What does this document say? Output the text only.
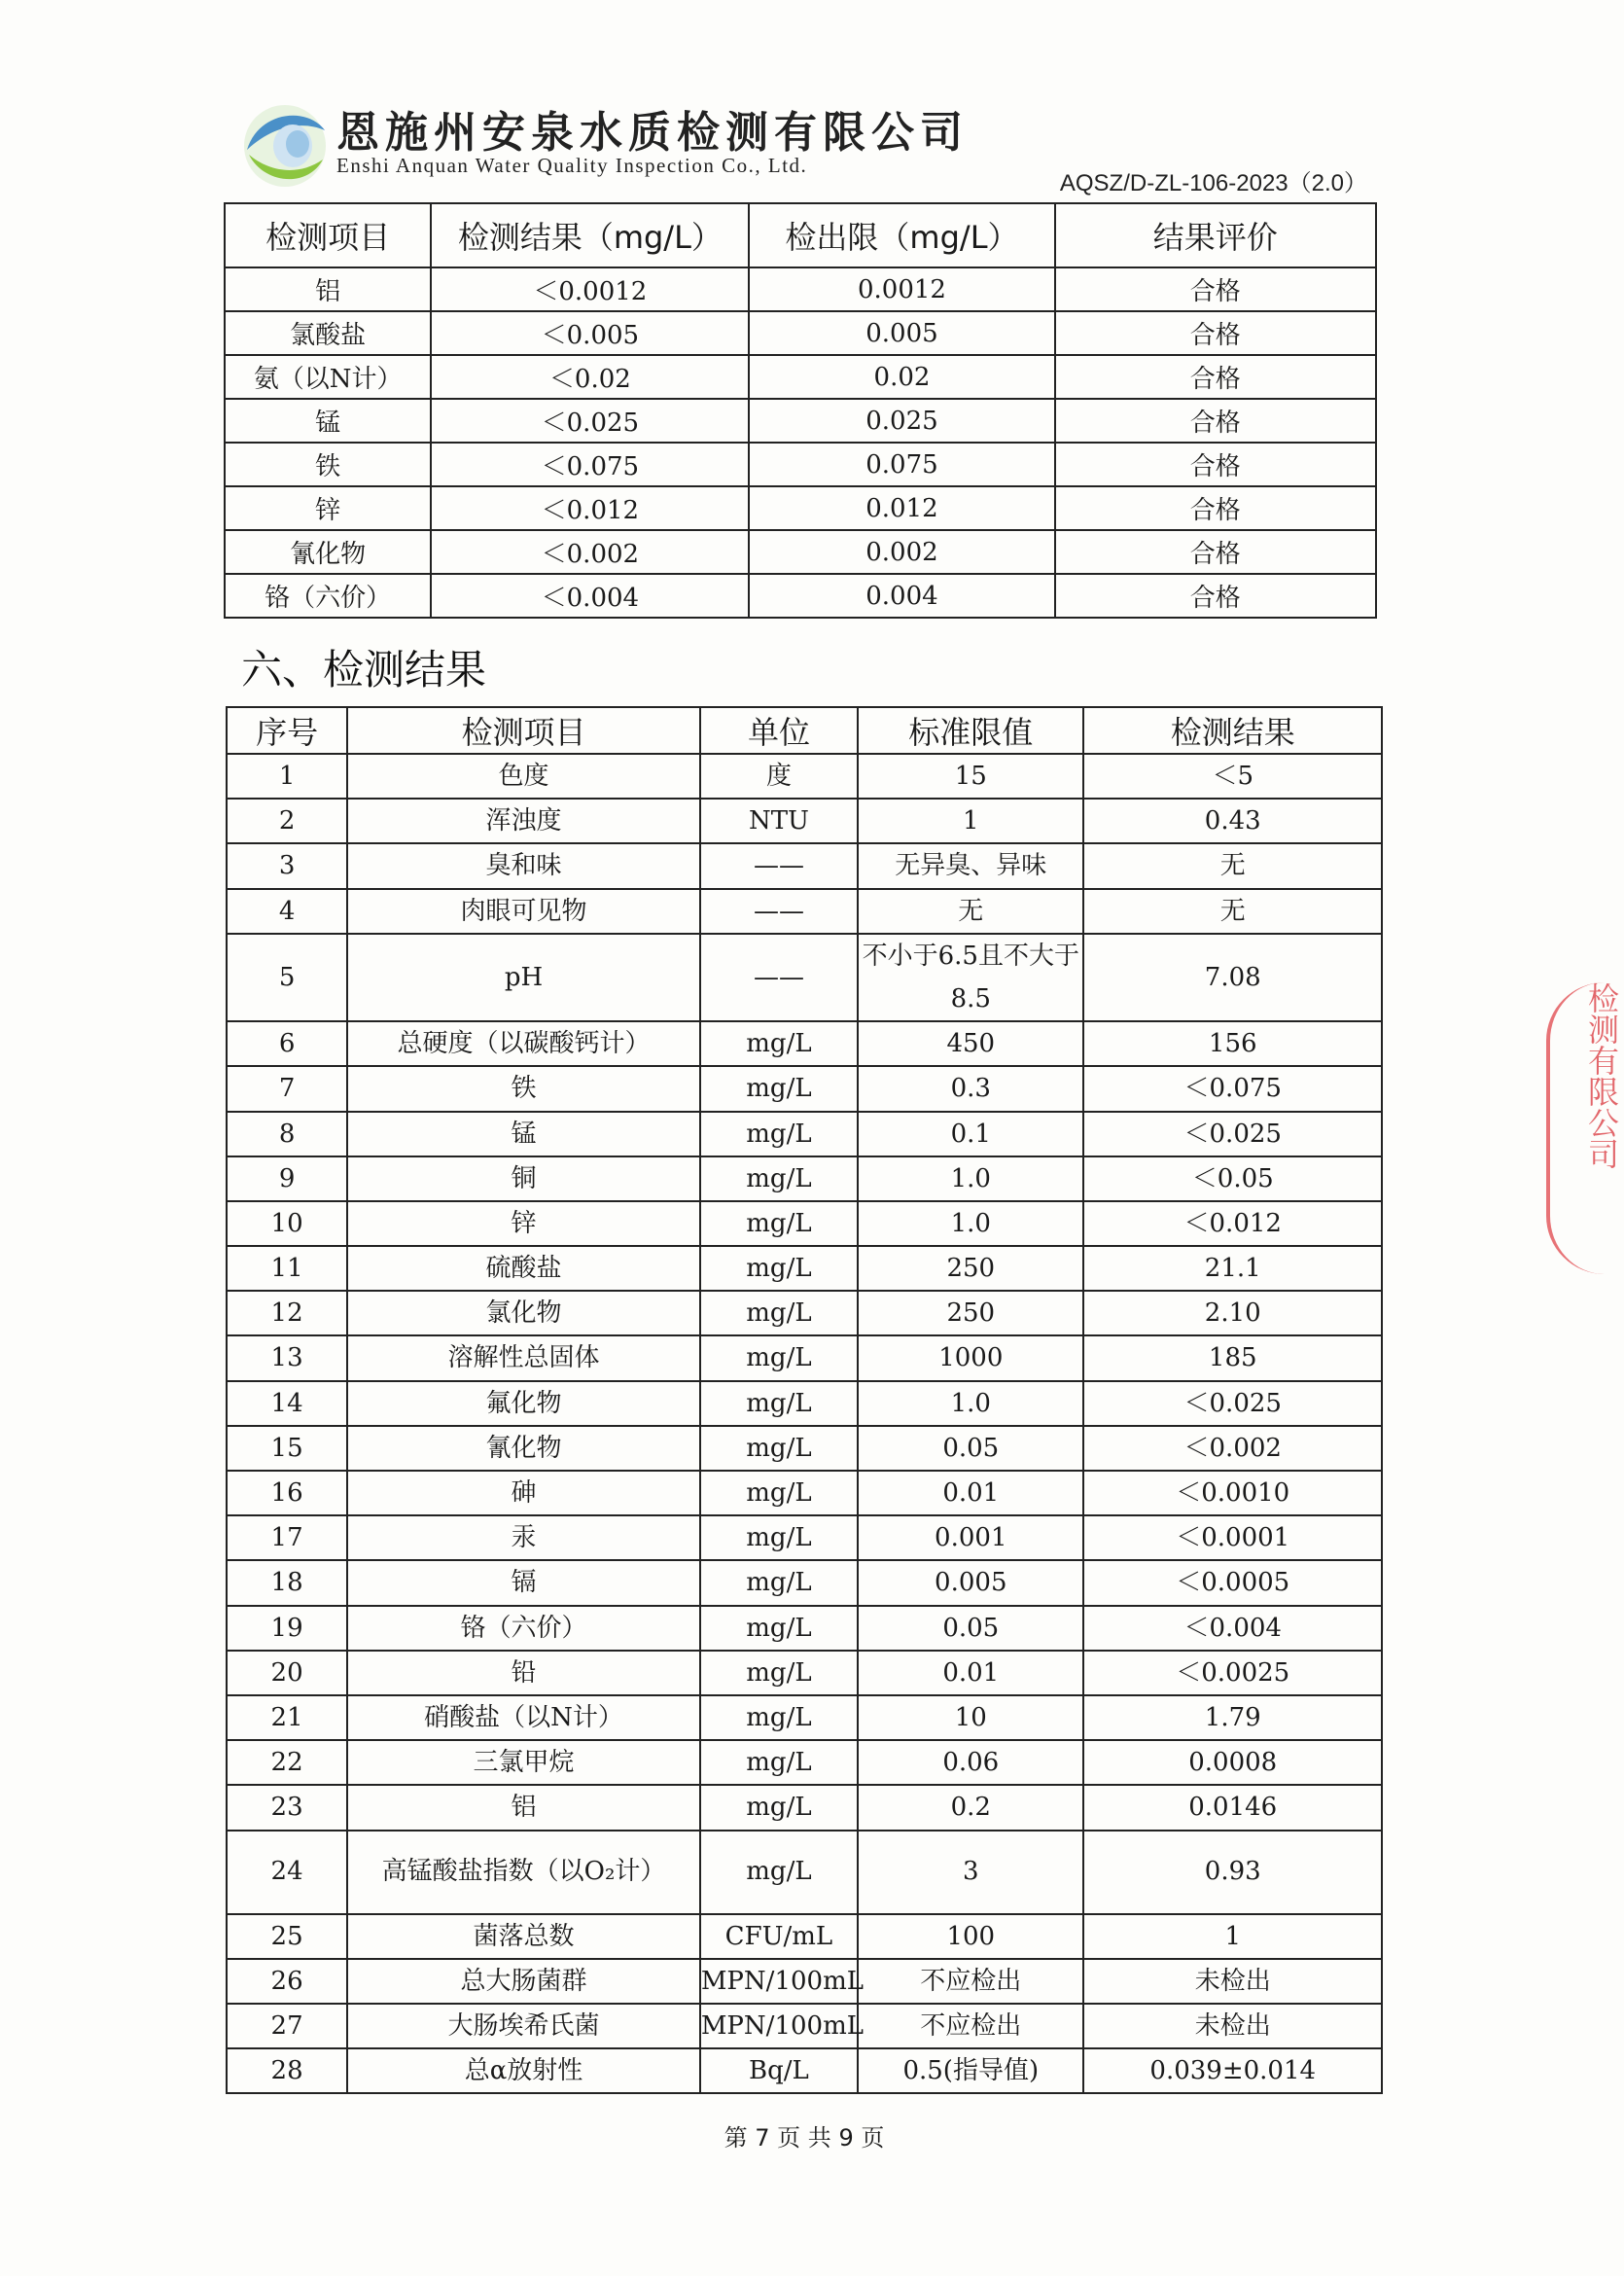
恩施州安泉水质检测有限公司
Enshi Anquan Water Quality Inspection Co., Ltd.
AQSZ/D-ZL-106-2023（2.0）
检测项目	检测结果（mg/L）	检出限（mg/L）	结果评价
铝	＜0.0012	0.0012	合格
氯酸盐	＜0.005	0.005	合格
氨（以N计）	＜0.02	0.02	合格
锰	＜0.025	0.025	合格
铁	＜0.075	0.075	合格
锌	＜0.012	0.012	合格
氰化物	＜0.002	0.002	合格
铬（六价）	＜0.004	0.004	合格
六、检测结果
序号	检测项目	单位	标准限值	检测结果
1	色度	度	15	＜5
2	浑浊度	NTU	1	0.43
3	臭和味	——	无异臭、异味	无
4	肉眼可见物	——	无	无
5	pH	——	不小于6.5且不大于8.5	7.08
6	总硬度（以碳酸钙计）	mg/L	450	156
7	铁	mg/L	0.3	＜0.075
8	锰	mg/L	0.1	＜0.025
9	铜	mg/L	1.0	＜0.05
10	锌	mg/L	1.0	＜0.012
11	硫酸盐	mg/L	250	21.1
12	氯化物	mg/L	250	2.10
13	溶解性总固体	mg/L	1000	185
14	氟化物	mg/L	1.0	＜0.025
15	氰化物	mg/L	0.05	＜0.002
16	砷	mg/L	0.01	＜0.0010
17	汞	mg/L	0.001	＜0.0001
18	镉	mg/L	0.005	＜0.0005
19	铬（六价）	mg/L	0.05	＜0.004
20	铅	mg/L	0.01	＜0.0025
21	硝酸盐（以N计）	mg/L	10	1.79
22	三氯甲烷	mg/L	0.06	0.0008
23	铝	mg/L	0.2	0.0146
24	高锰酸盐指数（以O₂计）	mg/L	3	0.93
25	菌落总数	CFU/mL	100	1
26	总大肠菌群	MPN/100mL	不应检出	未检出
27	大肠埃希氏菌	MPN/100mL	不应检出	未检出
28	总α放射性	Bq/L	0.5(指导值)	0.039±0.014
检测有限公司
第 7 页 共 9 页
